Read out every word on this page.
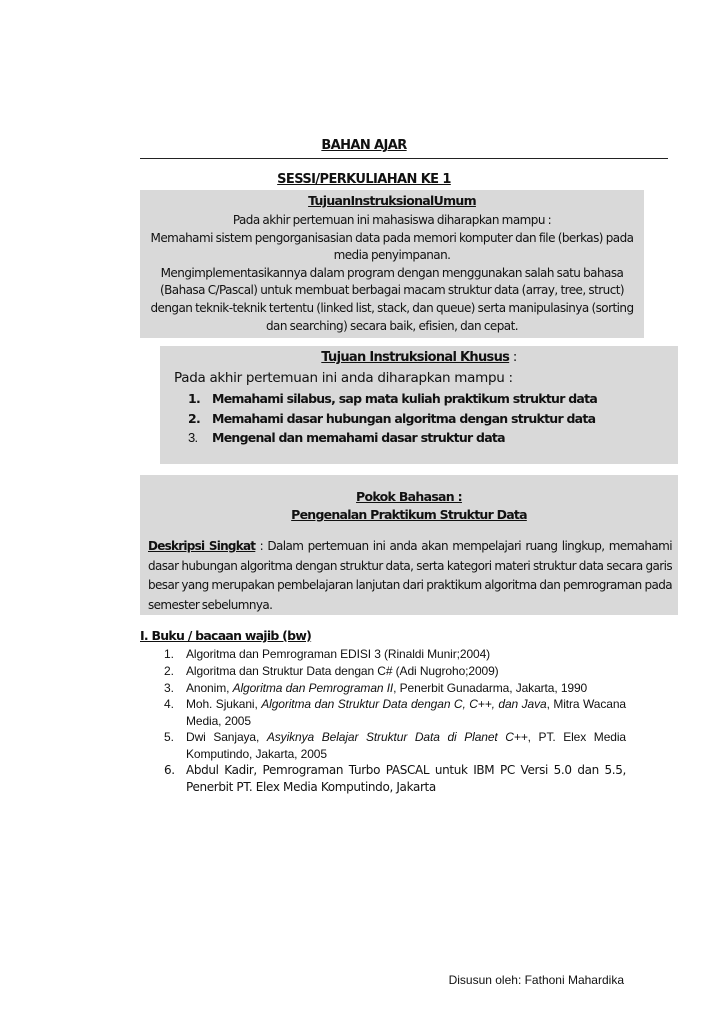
BAHAN AJAR
SESSI/PERKULIAHAN KE 1
TujuanInstruksionalUmum

Pada akhir pertemuan ini mahasiswa diharapkan mampu :

Memahami sistem pengorganisasian data pada memori komputer dan file (berkas) pada

media penyimpanan.

Mengimplementasikannya dalam program dengan menggunakan salah satu bahasa

(Bahasa C/Pascal) untuk membuat berbagai macam struktur data (array, tree, struct)

dengan teknik-teknik tertentu (linked list, stack, dan queue) serta manipulasinya (sorting

dan searching) secara baik, efisien, dan cepat.

Tujuan Instruksional Khusus :
Pada akhir pertemuan ini anda diharapkan mampu :
1. Memahami silabus, sap mata kuliah praktikum struktur data
2. Memahami dasar hubungan algoritma dengan struktur data
3. Mengenal dan memahami dasar struktur data
Pokok Bahasan :
Pengenalan Praktikum Struktur Data
Deskripsi Singkat : Dalam pertemuan ini anda akan mempelajari ruang lingkup, memahami dasar hubungan algoritma dengan struktur data, serta kategori materi struktur data secara garis besar yang merupakan pembelajaran lanjutan dari praktikum algoritma dan pemrograman pada semester sebelumnya.
I. Buku / bacaan wajib (bw)
1. Algoritma dan Pemrograman EDISI 3 (Rinaldi Munir;2004)
2. Algoritma dan Struktur Data dengan C# (Adi Nugroho;2009)
3. Anonim, Algoritma dan Pemrograman II, Penerbit Gunadarma, Jakarta, 1990
4. Moh. Sjukani, Algoritma dan Struktur Data dengan C, C++, dan Java, Mitra Wacana Media, 2005
5. Dwi Sanjaya, Asyiknya Belajar Struktur Data di Planet C++, PT. Elex Media Komputindo, Jakarta, 2005
6. Abdul Kadir, Pemrograman Turbo PASCAL untuk IBM PC Versi 5.0 dan 5.5, Penerbit PT. Elex Media Komputindo, Jakarta
Disusun oleh: Fathoni Mahardika
